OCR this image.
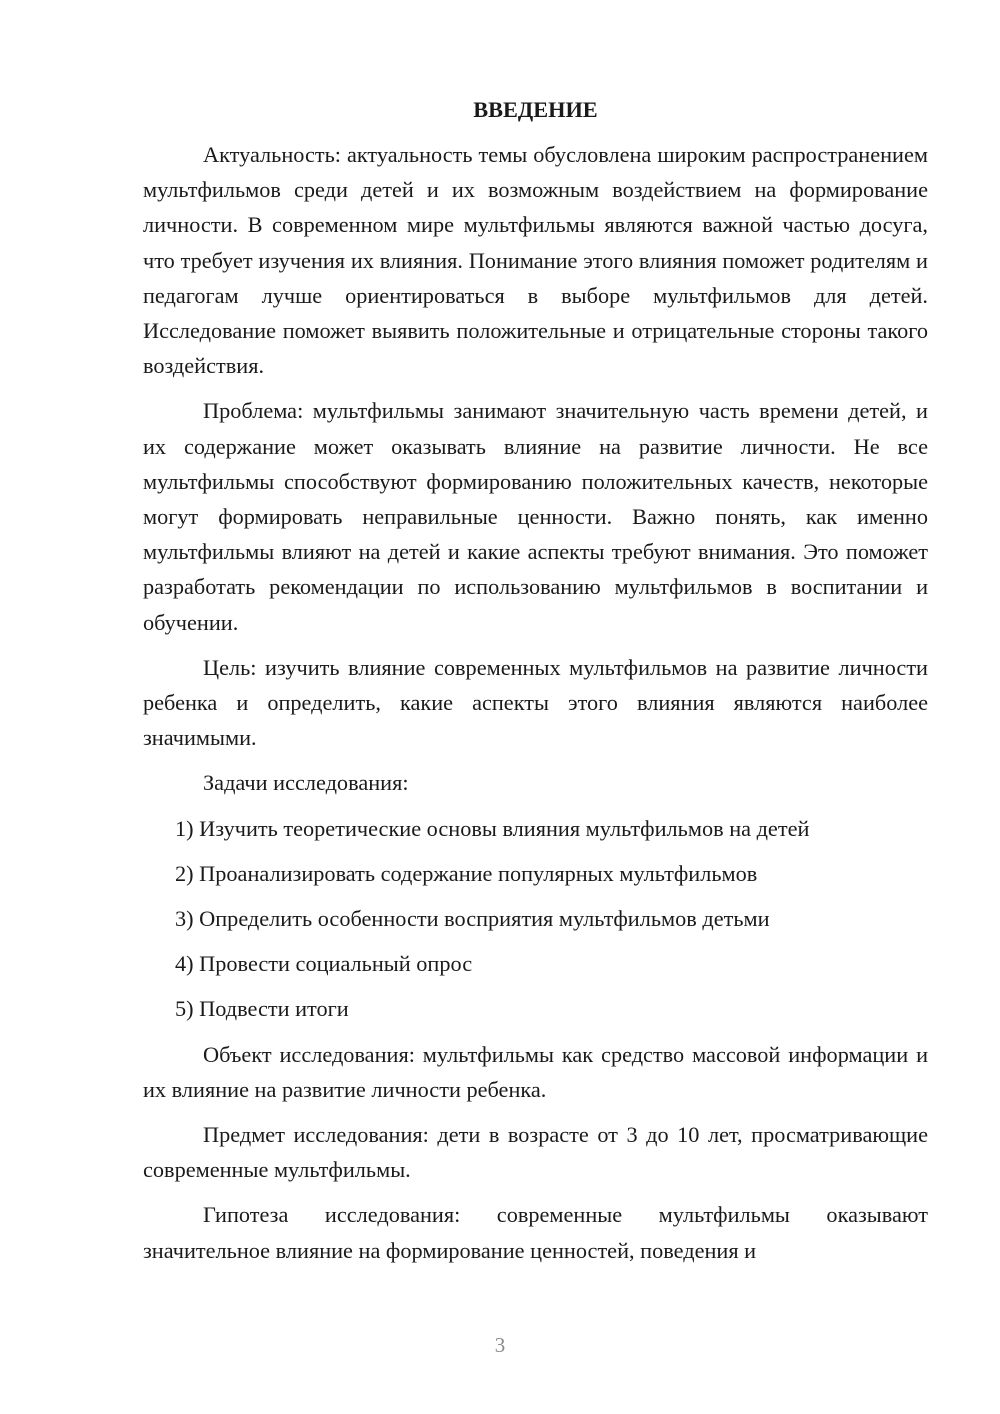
ВВЕДЕНИЕ

Актуальность: актуальность темы обусловлена широким распространением мультфильмов среди детей и их возможным воздействием на формирование личности. В современном мире мультфильмы являются важной частью досуга, что требует изучения их влияния. Понимание этого влияния поможет родителям и педагогам лучше ориентироваться в выборе мультфильмов для детей. Исследование поможет выявить положительные и отрицательные стороны такого воздействия.

Проблема: мультфильмы занимают значительную часть времени детей, и их содержание может оказывать влияние на развитие личности. Не все мультфильмы способствуют формированию положительных качеств, некоторые могут формировать неправильные ценности. Важно понять, как именно мультфильмы влияют на детей и какие аспекты требуют внимания. Это поможет разработать рекомендации по использованию мультфильмов в воспитании и обучении.

Цель: изучить влияние современных мультфильмов на развитие личности ребенка и определить, какие аспекты этого влияния являются наиболее значимыми.

Задачи исследования:

1) Изучить теоретические основы влияния мультфильмов на детей

2) Проанализировать содержание популярных мультфильмов

3) Определить особенности восприятия мультфильмов детьми

4) Провести социальный опрос

5) Подвести итоги

Объект исследования: мультфильмы как средство массовой информации и их влияние на развитие личности ребенка.

Предмет исследования: дети в возрасте от 3 до 10 лет, просматривающие современные мультфильмы.

Гипотеза исследования: современные мультфильмы оказывают значительное влияние на формирование ценностей, поведения и

3
